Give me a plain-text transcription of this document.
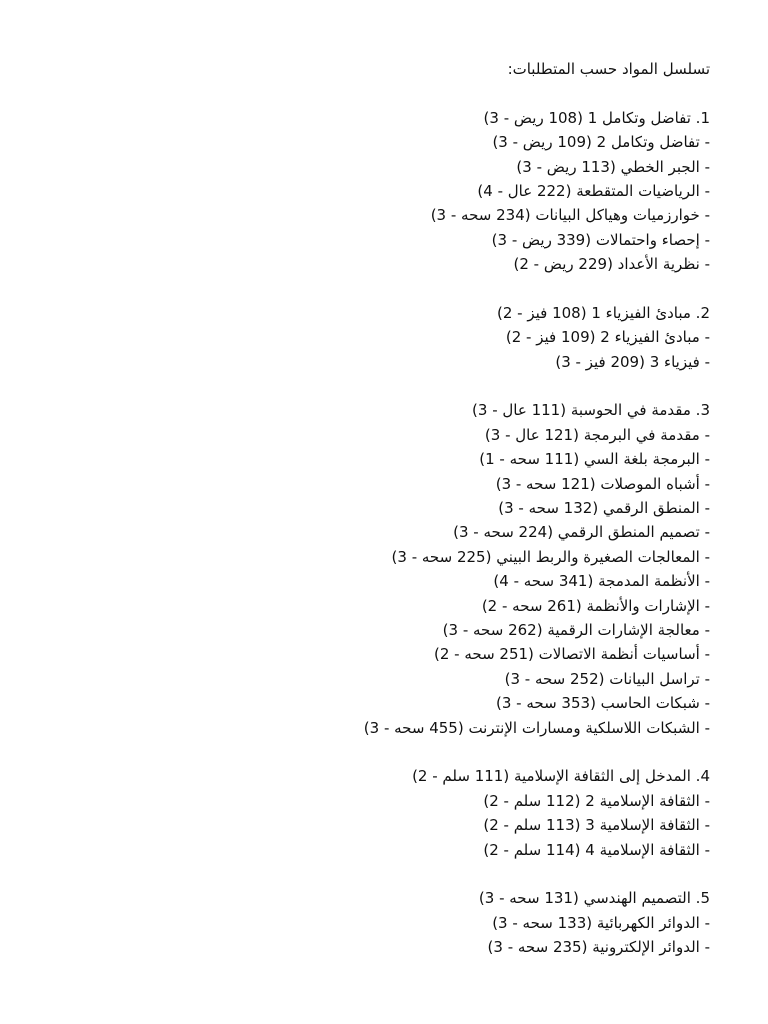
تسلسل المواد حسب المتطلبات:
1. تفاضل وتكامل 1 (108 ريض - 3)
- تفاضل وتكامل 2 (109 ريض - 3)
- الجبر الخطي (113 ريض - 3)
- الرياضيات المتقطعة (222 عال - 4)
- خوارزميات وهياكل البيانات (234 سحه - 3)
- إحصاء واحتمالات (339 ريض - 3)
- نظرية الأعداد (229 ريض - 2)
2. مبادئ الفيزياء 1 (108 فيز - 2)
- مبادئ الفيزياء 2 (109 فيز - 2)
- فيزياء 3 (209 فيز - 3)
3. مقدمة في الحوسبة (111 عال - 3)
- مقدمة في البرمجة (121 عال - 3)
- البرمجة بلغة السي (111 سحه - 1)
- أشباه الموصلات (121 سحه - 3)
- المنطق الرقمي (132 سحه - 3)
- تصميم المنطق الرقمي (224 سحه - 3)
- المعالجات الصغيرة والربط البيني (225 سحه - 3)
- الأنظمة المدمجة (341 سحه - 4)
- الإشارات والأنظمة (261 سحه - 2)
- معالجة الإشارات الرقمية (262 سحه - 3)
- أساسيات أنظمة الاتصالات (251 سحه - 2)
- تراسل البيانات (252 سحه - 3)
- شبكات الحاسب (353 سحه - 3)
- الشبكات اللاسلكية ومسارات الإنترنت (455 سحه - 3)
4. المدخل إلى الثقافة الإسلامية (111 سلم - 2)
- الثقافة الإسلامية 2 (112 سلم - 2)
- الثقافة الإسلامية 3 (113 سلم - 2)
- الثقافة الإسلامية 4 (114 سلم - 2)
5. التصميم الهندسي (131 سحه - 3)
- الدوائر الكهربائية (133 سحه - 3)
- الدوائر الإلكترونية (235 سحه - 3)
